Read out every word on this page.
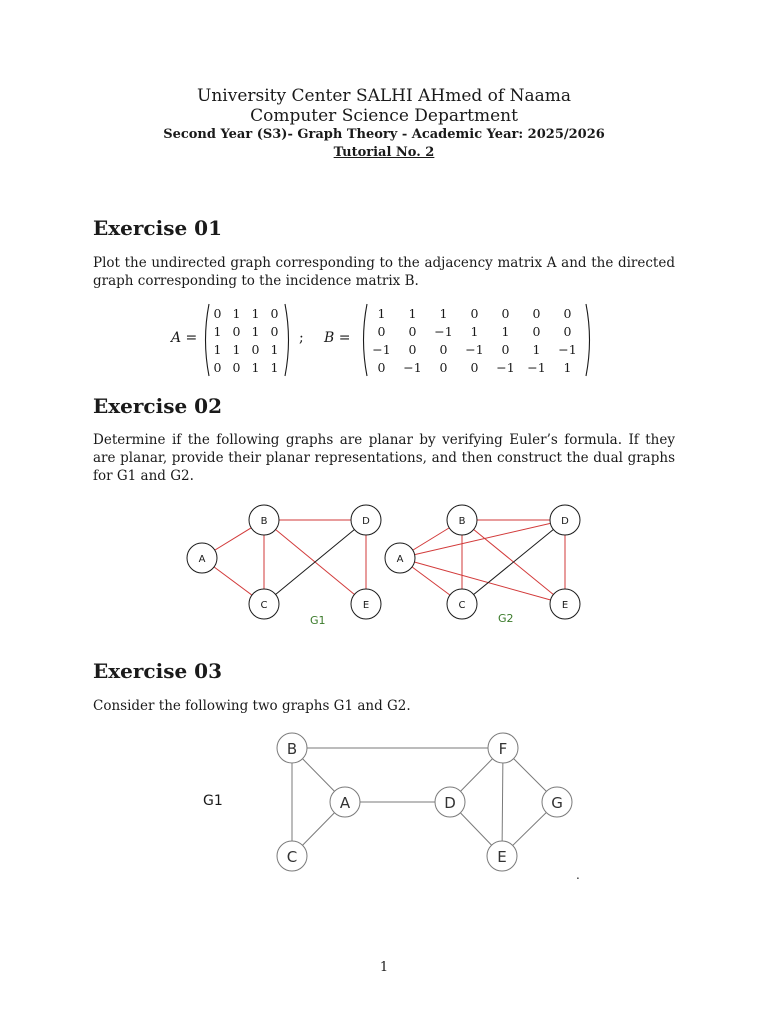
University Center SALHI AHmed of Naama
Computer Science Department
Second Year (S3)- Graph Theory - Academic Year: 2025/2026
Tutorial No. 2
Exercise 01

Plot the undirected graph corresponding to the adjacency matrix A and the directed graph corresponding to the incidence matrix B.

A =
0	1	1	0
1	0	1	0
1	1	0	1
0	0	1	1
; B =
1	1	1	0	0	0	0
0	0	−1	1	1	0	0
−1	0	0	−1	0	1	−1
0	−1	0	0	−1	−1	1
Exercise 02

Determine if the following graphs are planar by verifying Euler’s formula. If they are planar, provide their planar representations, and then construct the dual graphs for G1 and G2.

A
B
C
D
E
G1
A
B
C
D
E
G2
Exercise 03

Consider the following two graphs G1 and G2.

G1
B
A
C
D
F
E
G
.
1
